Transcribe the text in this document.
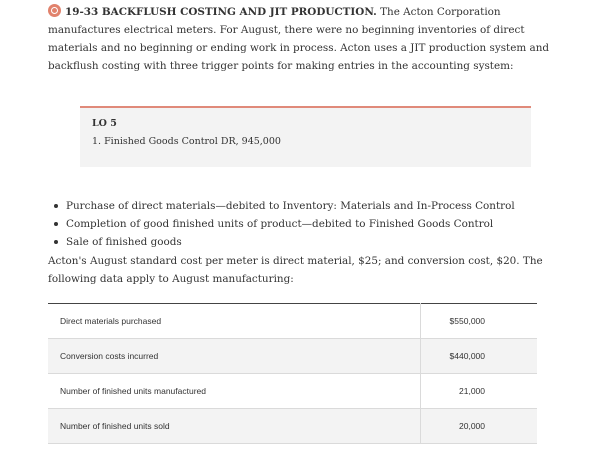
19-33 BACKFLUSH COSTING AND JIT PRODUCTION. The Acton Corporation manufactures electrical meters. For August, there were no beginning inventories of direct materials and no beginning or ending work in process. Acton uses a JIT production system and backflush costing with three trigger points for making entries in the accounting system:
LO 5
1. Finished Goods Control DR, 945,000
Purchase of direct materials—debited to Inventory: Materials and In-Process Control
Completion of good finished units of product—debited to Finished Goods Control
Sale of finished goods
Acton's August standard cost per meter is direct material, $25; and conversion cost, $20. The following data apply to August manufacturing:
Direct materials purchased	$550,000
Conversion costs incurred	$440,000
Number of finished units manufactured	21,000
Number of finished units sold	20,000
